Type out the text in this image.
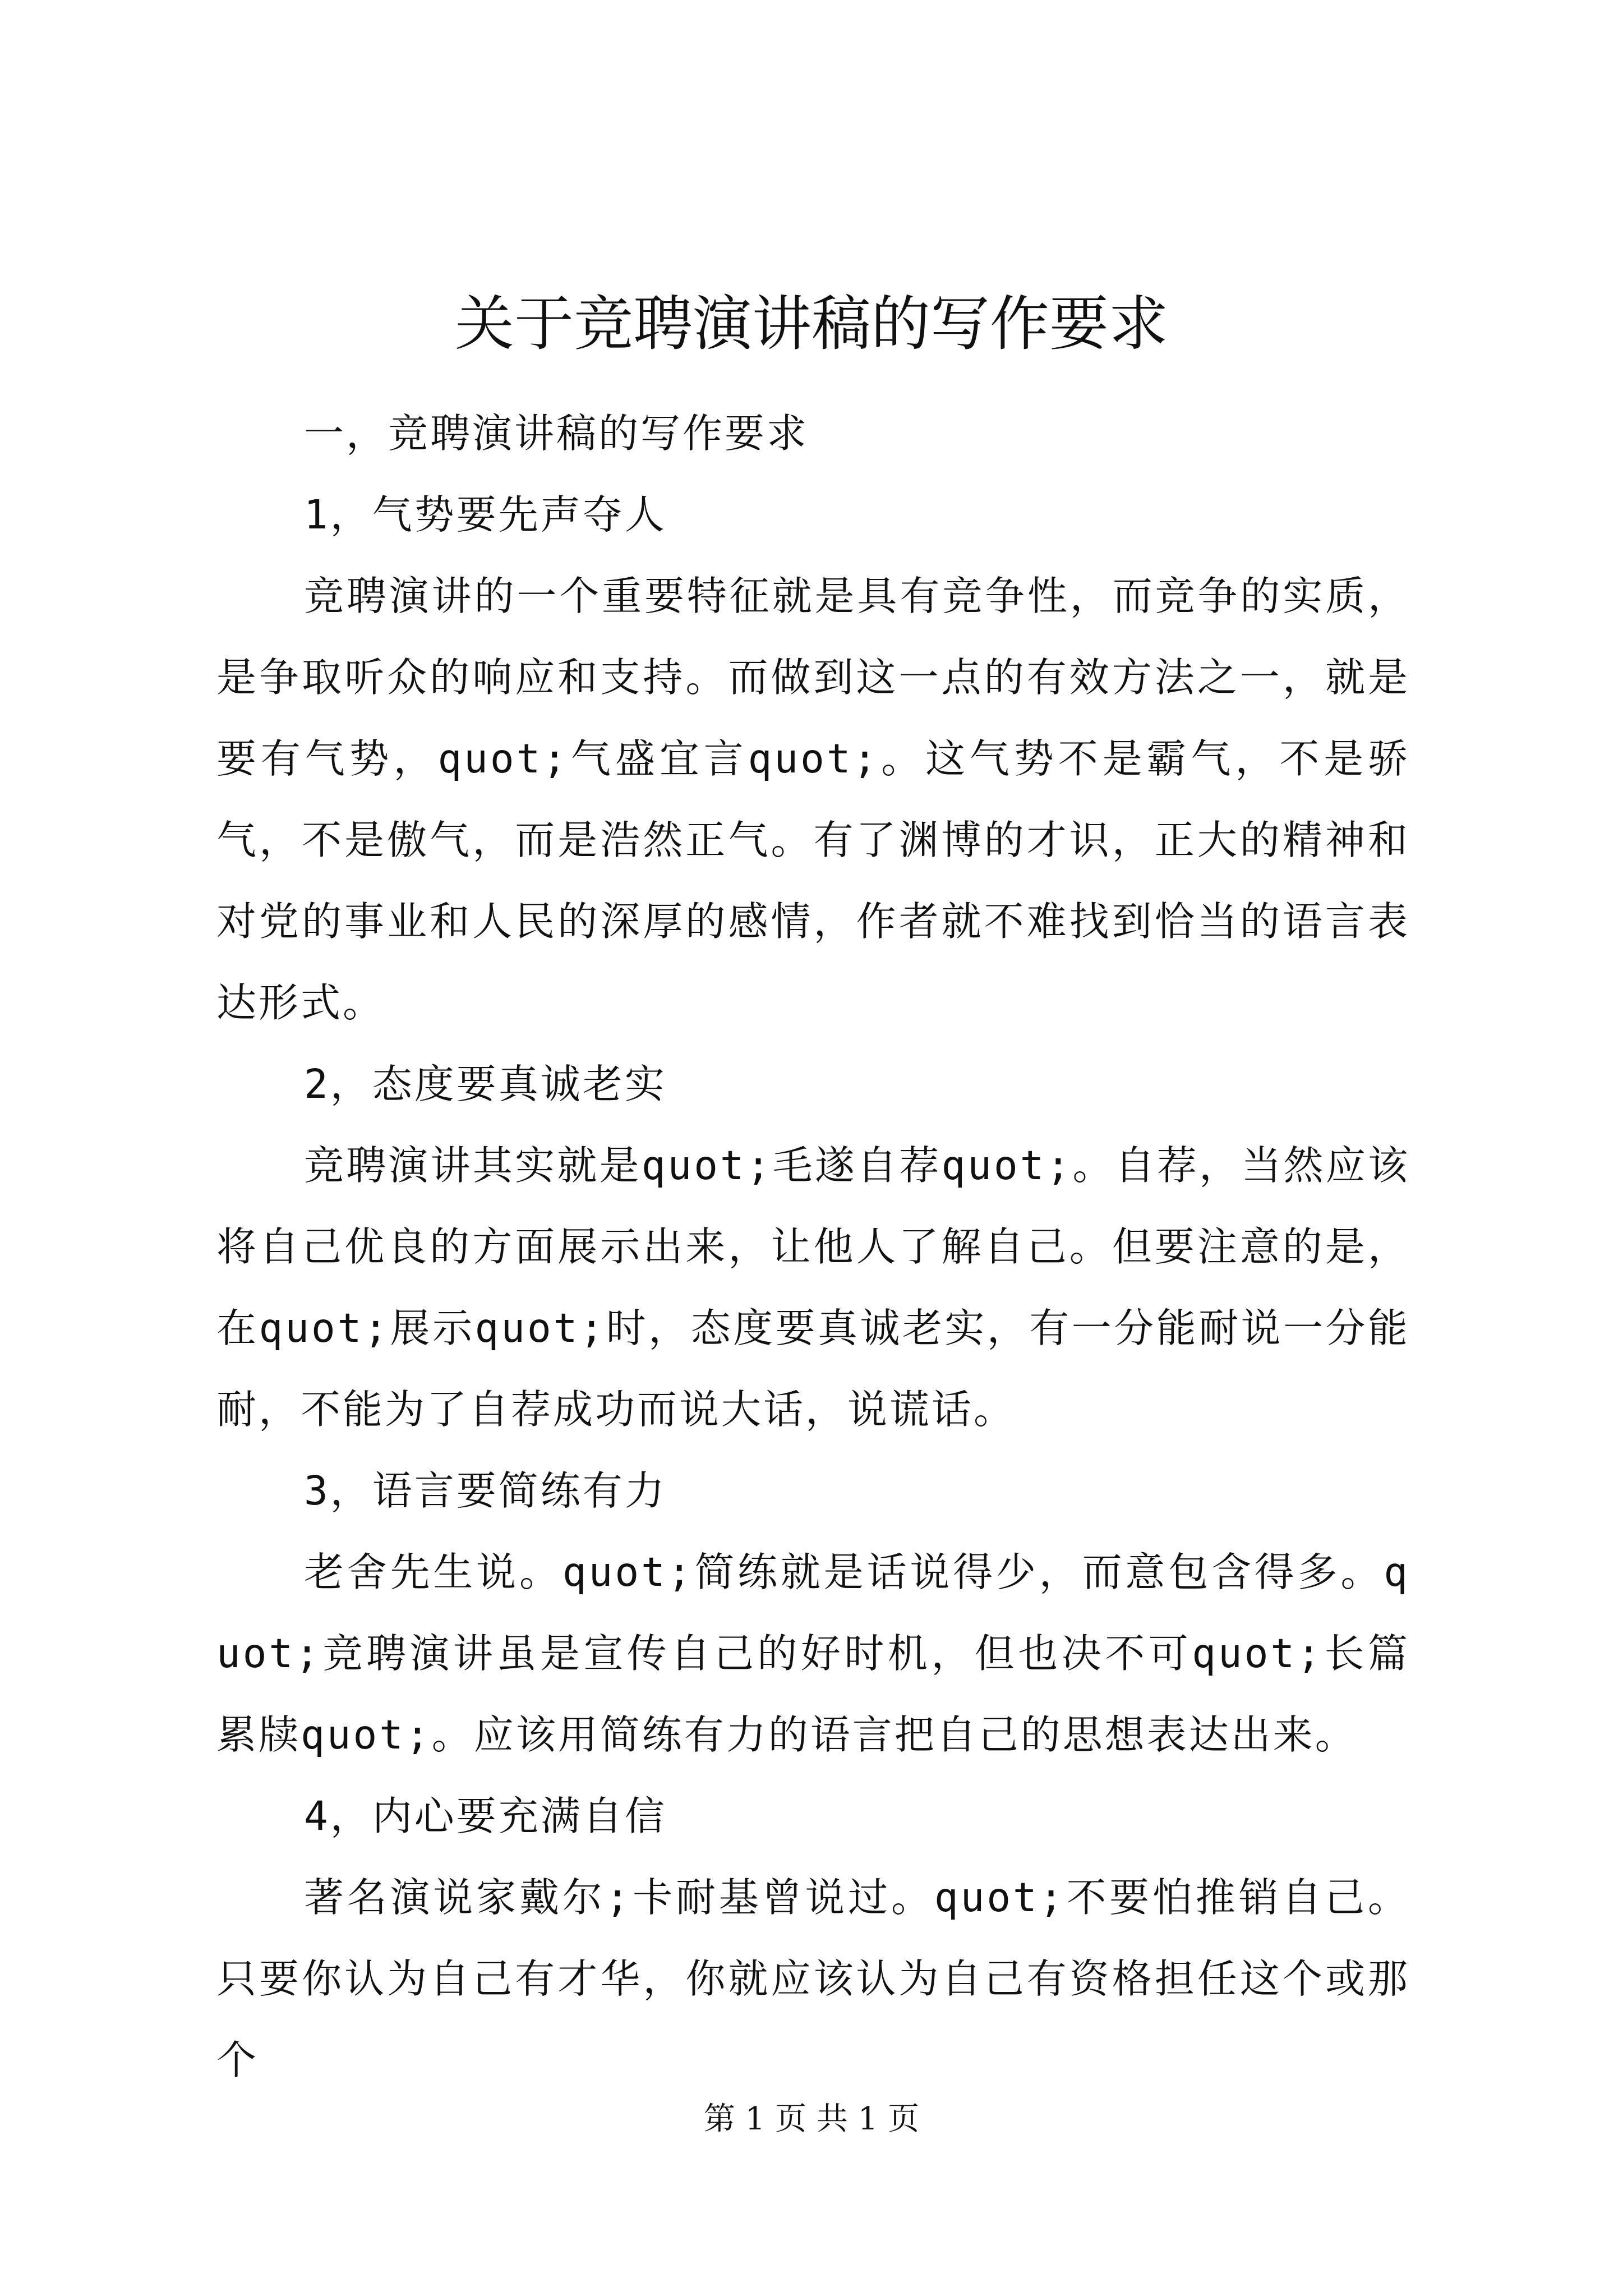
关于竞聘演讲稿的写作要求

一，竞聘演讲稿的写作要求

1，气势要先声夺人

竞聘演讲的一个重要特征就是具有竞争性，而竞争的实质，是争取听众的响应和支持。而做到这一点的有效方法之一，就是要有气势，quot;气盛宜言quot;。这气势不是霸气，不是骄气，不是傲气，而是浩然正气。有了渊博的才识，正大的精神和对党的事业和人民的深厚的感情，作者就不难找到恰当的语言表达形式。

2，态度要真诚老实

竞聘演讲其实就是quot;毛遂自荐quot;。自荐，当然应该将自己优良的方面展示出来，让他人了解自己。但要注意的是，在quot;展示quot;时，态度要真诚老实，有一分能耐说一分能耐，不能为了自荐成功而说大话，说谎话。

3，语言要简练有力

老舍先生说。quot;简练就是话说得少，而意包含得多。quot;竞聘演讲虽是宣传自己的好时机，但也决不可quot;长篇累牍quot;。应该用简练有力的语言把自己的思想表达出来。

4，内心要充满自信

著名演说家戴尔;卡耐基曾说过。quot;不要怕推销自己。只要你认为自己有才华，你就应该认为自己有资格担任这个或那个

第 1 页 共 1 页
